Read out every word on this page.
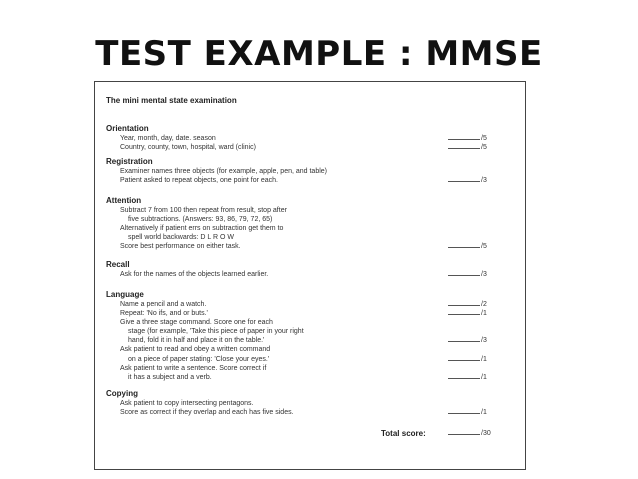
TEST EXAMPLE : MMSE
The mini mental state examination
Orientation
Year, month, day, date. season	/5
Country, county, town, hospital, ward (clinic)	/5
Registration
Examiner names three objects (for example, apple, pen, and table)
Patient asked to repeat objects, one point for each.	/3
Attention
Subtract 7 from 100 then repeat from result, stop after
five subtractions. (Answers: 93, 86, 79, 72, 65)
Alternatively if patient errs on subtraction get them to
spell world backwards: D L R O W
Score best performance on either task.	/5
Recall
Ask for the names of the objects learned earlier.	/3
Language
Name a pencil and a watch.	/2
Repeat: 'No ifs, and or buts.'	/1
Give a three stage command. Score one for each
stage (for example, 'Take this piece of paper in your right
hand, fold it in half and place it on the table.'	/3
Ask patient to read and obey a written command
on a piece of paper stating: 'Close your eyes.'	/1
Ask patient to write a sentence. Score correct if
it has a subject and a verb.	/1
Copying
Ask patient to copy intersecting pentagons.
Score as correct if they overlap and each has five sides.	/1
Total score:	/30
